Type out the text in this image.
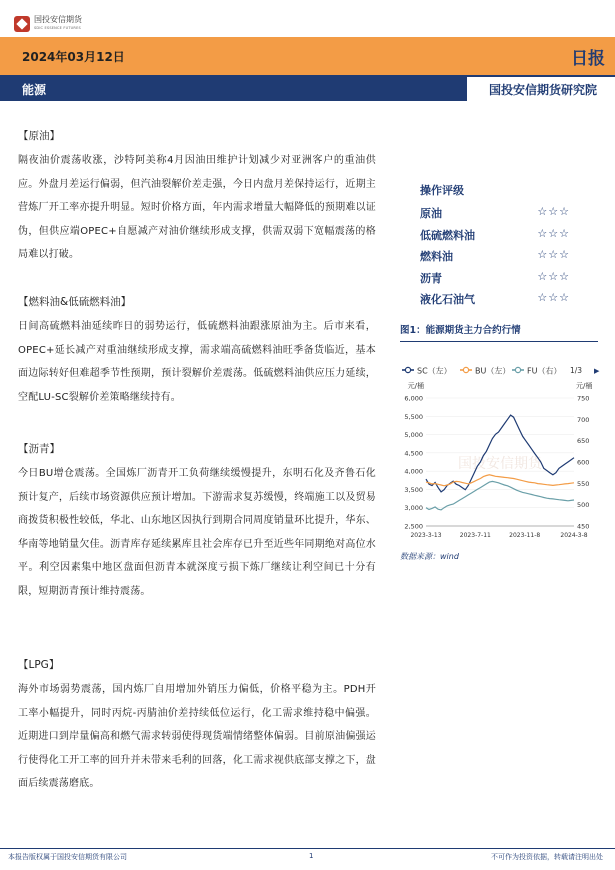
国投安信期货
SDIC ESSENCE FUTURES
2024年03月12日	日报
能源	国投安信期货研究院
【原油】

隔夜油价震荡收涨，沙特阿美称4月因油田维护计划减少对亚洲客户的重油供应。外盘月差运行偏弱，但汽油裂解价差走强，今日内盘月差保持运行，近期主营炼厂开工率亦提升明显。短时价格方面，年内需求增量大幅降低的预期难以证伪，但供应端OPEC+自愿减产对油价继续形成支撑，供需双弱下宽幅震荡的格局难以打破。

【燃料油&低硫燃料油】

日间高硫燃料油延续昨日的弱势运行，低硫燃料油跟涨原油为主。后市来看，OPEC+延长减产对重油继续形成支撑，需求端高硫燃料油旺季备货临近，基本面边际转好但难超季节性预期，预计裂解价差震荡。低硫燃料油供应压力延续，空配LU-SC裂解价差策略继续持有。

【沥青】

今日BU增仓震荡。全国炼厂沥青开工负荷继续缓慢提升，东明石化及齐鲁石化预计复产，后续市场资源供应预计增加。下游需求复苏缓慢，终端施工以及贸易商拨货积极性较低，华北、山东地区因执行到期合同周度销量环比提升，华东、华南等地销量欠佳。沥青库存延续累库且社会库存已升至近些年同期绝对高位水平。利空因素集中地区盘面但沥青本就深度亏损下炼厂继续让利空间已十分有限，短期沥青预计维持震荡。

【LPG】

海外市场弱势震荡，国内炼厂自用增加外销压力偏低，价格平稳为主。PDH开工率小幅提升，同时丙烷-丙腈油价差持续低位运行，化工需求维持稳中偏强。近期进口到岸量偏高和燃气需求转弱使得现货端情绪整体偏弱。目前原油偏强运行使得化工开工率的回升并未带来毛利的回落，化工需求视供底部支撑之下，盘面后续震荡磨底。

操作评级
原油	☆☆☆
低硫燃料油	☆☆☆
燃料油	☆☆☆
沥青	☆☆☆
液化石油气	☆☆☆
图1：能源期货主力合约行情
国投安信期货
SC（左）	BU（左） FU（右） 1/3 ▶
元/桶	元/桶
6,000
5,500
5,000
4,500
4,000
3,500
3,000
2,500
750
700
650
600
550
500
450
2023-3-13	2023-7-11	2023-11-8	2024-3-8
数据来源：wind
本报告版权属于国投安信期货有限公司	1	不可作为投资依据，转载请注明出处
